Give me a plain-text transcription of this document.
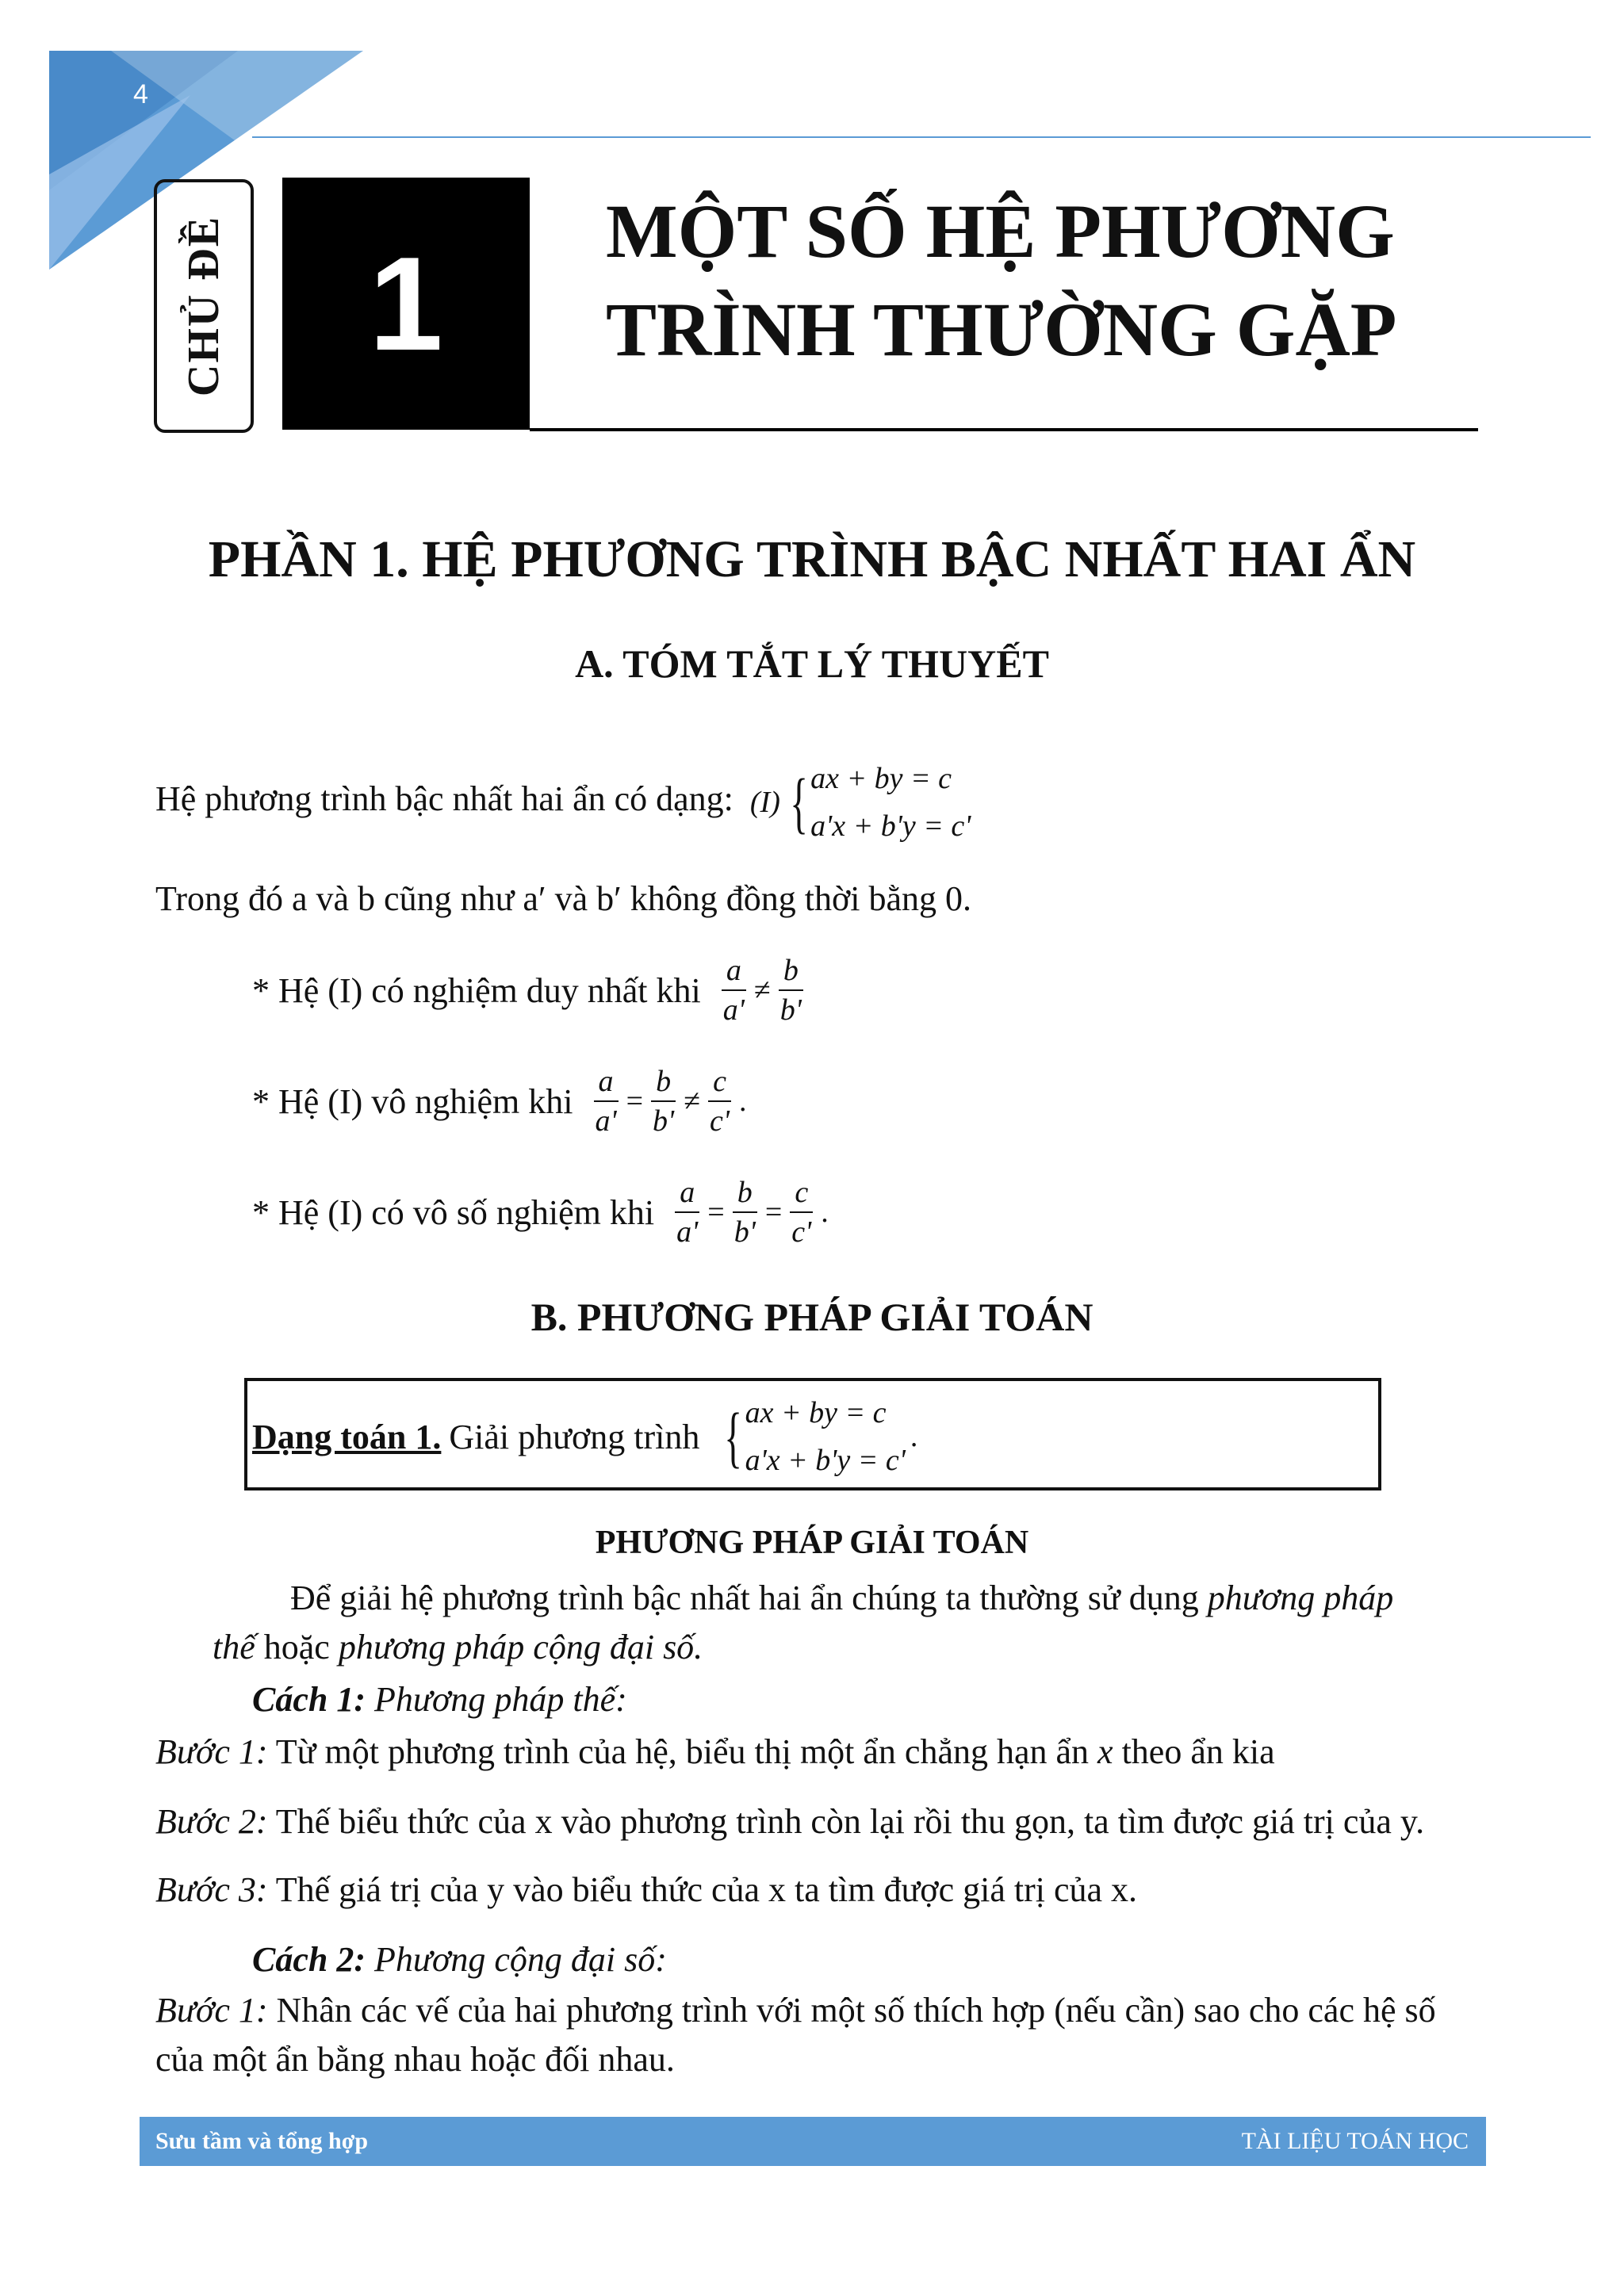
4
CHỦ ĐỀ	1	MỘT SỐ HỆ PHƯƠNG
TRÌNH THƯỜNG GẶP
PHẦN 1. HỆ PHƯƠNG TRÌNH BẬC NHẤT HAI ẨN
A. TÓM TẮT LÝ THUYẾT
Hệ phương trình bậc nhất hai ẩn có dạng: (I) { ax + by = c
a'x + b'y = c'
Trong đó a và b cũng như a′ và b′ không đồng thời bằng 0.
* Hệ (I) có nghiệm duy nhất khi $\frac{a}{a'} \ne \frac{b}{b'}$
* Hệ (I) vô nghiệm khi $\frac{a}{a'} = \frac{b}{b'} \ne \frac{c}{c'}$ .
* Hệ (I) có vô số nghiệm khi $\frac{a}{a'} = \frac{b}{b'} = \frac{c}{c'}$ .
B. PHƯƠNG PHÁP GIẢI TOÁN
Dạng toán 1. Giải phương trình { ax + by = c
a'x + b'y = c'
.
PHƯƠNG PHÁP GIẢI TOÁN
Để giải hệ phương trình bậc nhất hai ẩn chúng ta thường sử dụng phương pháp
thế hoặc phương pháp cộng đại số.
Cách 1: Phương pháp thế:
Bước 1: Từ một phương trình của hệ, biểu thị một ẩn chẳng hạn ẩn x theo ẩn kia
Bước 2: Thế biểu thức của x vào phương trình còn lại rồi thu gọn, ta tìm được giá trị của y.
Bước 3: Thế giá trị của y vào biểu thức của x ta tìm được giá trị của x.
Cách 2: Phương cộng đại số:
Bước 1: Nhân các vế của hai phương trình với một số thích hợp (nếu cần) sao cho các hệ số
của một ẩn bằng nhau hoặc đối nhau.
Sưu tầm và tổng hợp	TÀI LIỆU TOÁN HỌC
